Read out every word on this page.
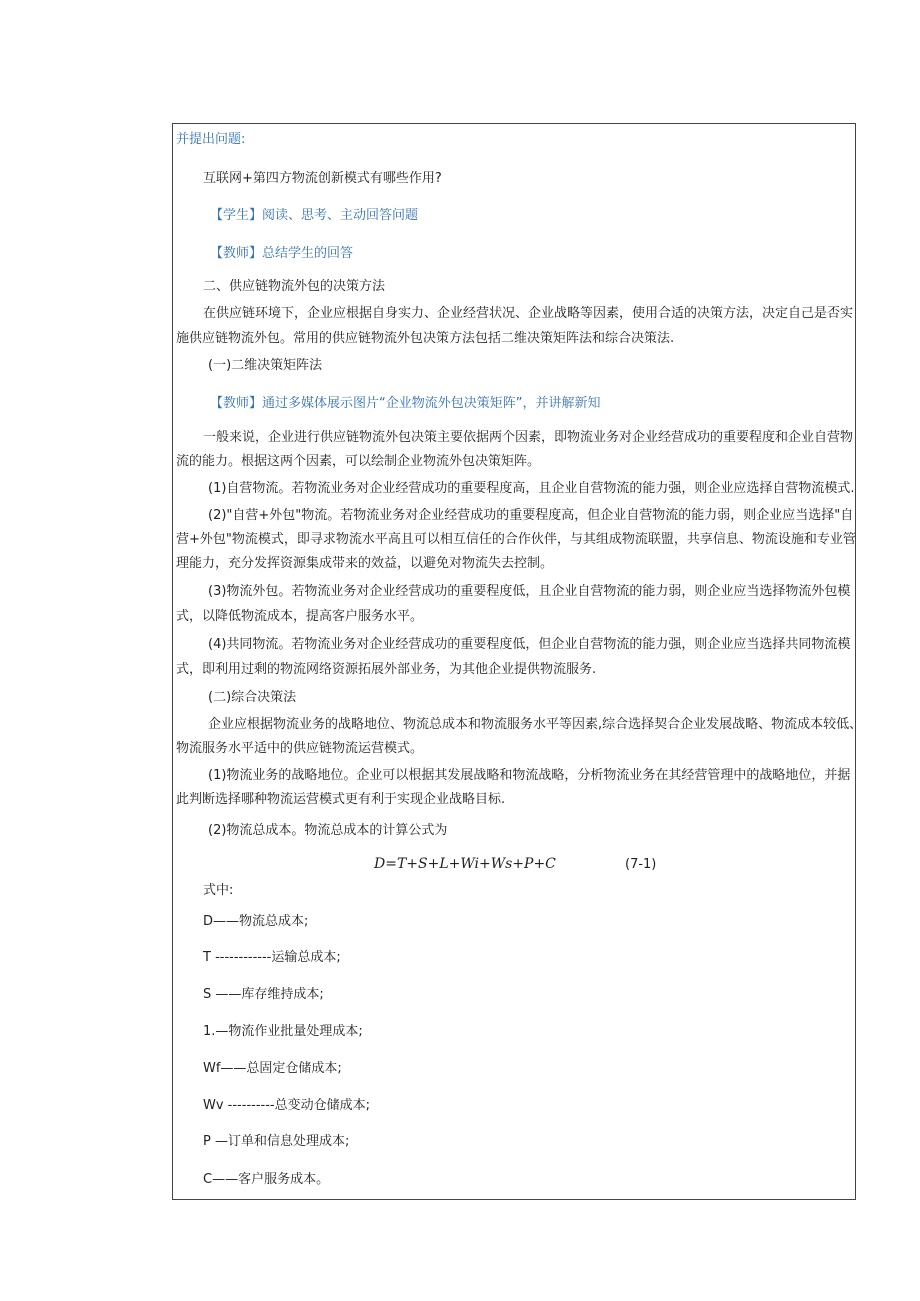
并提出问题:
互联网+第四方物流创新模式有哪些作用?
【学生】阅读、思考、主动回答问题
【教师】总结学生的回答
二、供应链物流外包的决策方法
在供应链环境下，企业应根据自身实力、企业经营状况、企业战略等因素，使用合适的决策方法，决定自己是否实
施供应链物流外包。常用的供应链物流外包决策方法包括二维决策矩阵法和综合决策法.
(一)二维决策矩阵法
【教师】通过多媒体展示图片“企业物流外包决策矩阵”，并讲解新知
一般来说，企业进行供应链物流外包决策主要依据两个因素，即物流业务对企业经营成功的重要程度和企业自营物
流的能力。根据这两个因素，可以绘制企业物流外包决策矩阵。
(1)自营物流。若物流业务对企业经营成功的重要程度高，且企业自营物流的能力强，则企业应选择自营物流模式.
(2)"自营+外包"物流。若物流业务对企业经营成功的重要程度高，但企业自营物流的能力弱，则企业应当选择"自
营+外包"物流模式，即寻求物流水平高且可以相互信任的合作伙伴，与其组成物流联盟，共享信息、物流设施和专业管
理能力，充分发挥资源集成带来的效益，以避免对物流失去控制。
(3)物流外包。若物流业务对企业经营成功的重要程度低，且企业自营物流的能力弱，则企业应当选择物流外包模
式，以降低物流成本，提高客户服务水平。
(4)共同物流。若物流业务对企业经营成功的重要程度低，但企业自营物流的能力强，则企业应当选择共同物流模
式，即利用过剩的物流网络资源拓展外部业务，为其他企业提供物流服务.
(二)综合决策法
企业应根据物流业务的战略地位、物流总成本和物流服务水平等因素,综合选择契合企业发展战略、物流成本较低、
物流服务水平适中的供应链物流运营模式。
(1)物流业务的战略地位。企业可以根据其发展战略和物流战略，分析物流业务在其经营管理中的战略地位，并据
此判断选择哪种物流运营模式更有利于实现企业战略目标.
(2)物流总成本。物流总成本的计算公式为
D=T+S+L+Wi+Ws+P+C	(7-1)
式中:
D——物流总成本;
T ------------运输总成本;
S ——库存维持成本;
1.—物流作业批量处理成本;
Wf——总固定仓储成本;
Wv ----------总变动仓储成本;
P —订单和信息处理成本;
C——客户服务成本。
